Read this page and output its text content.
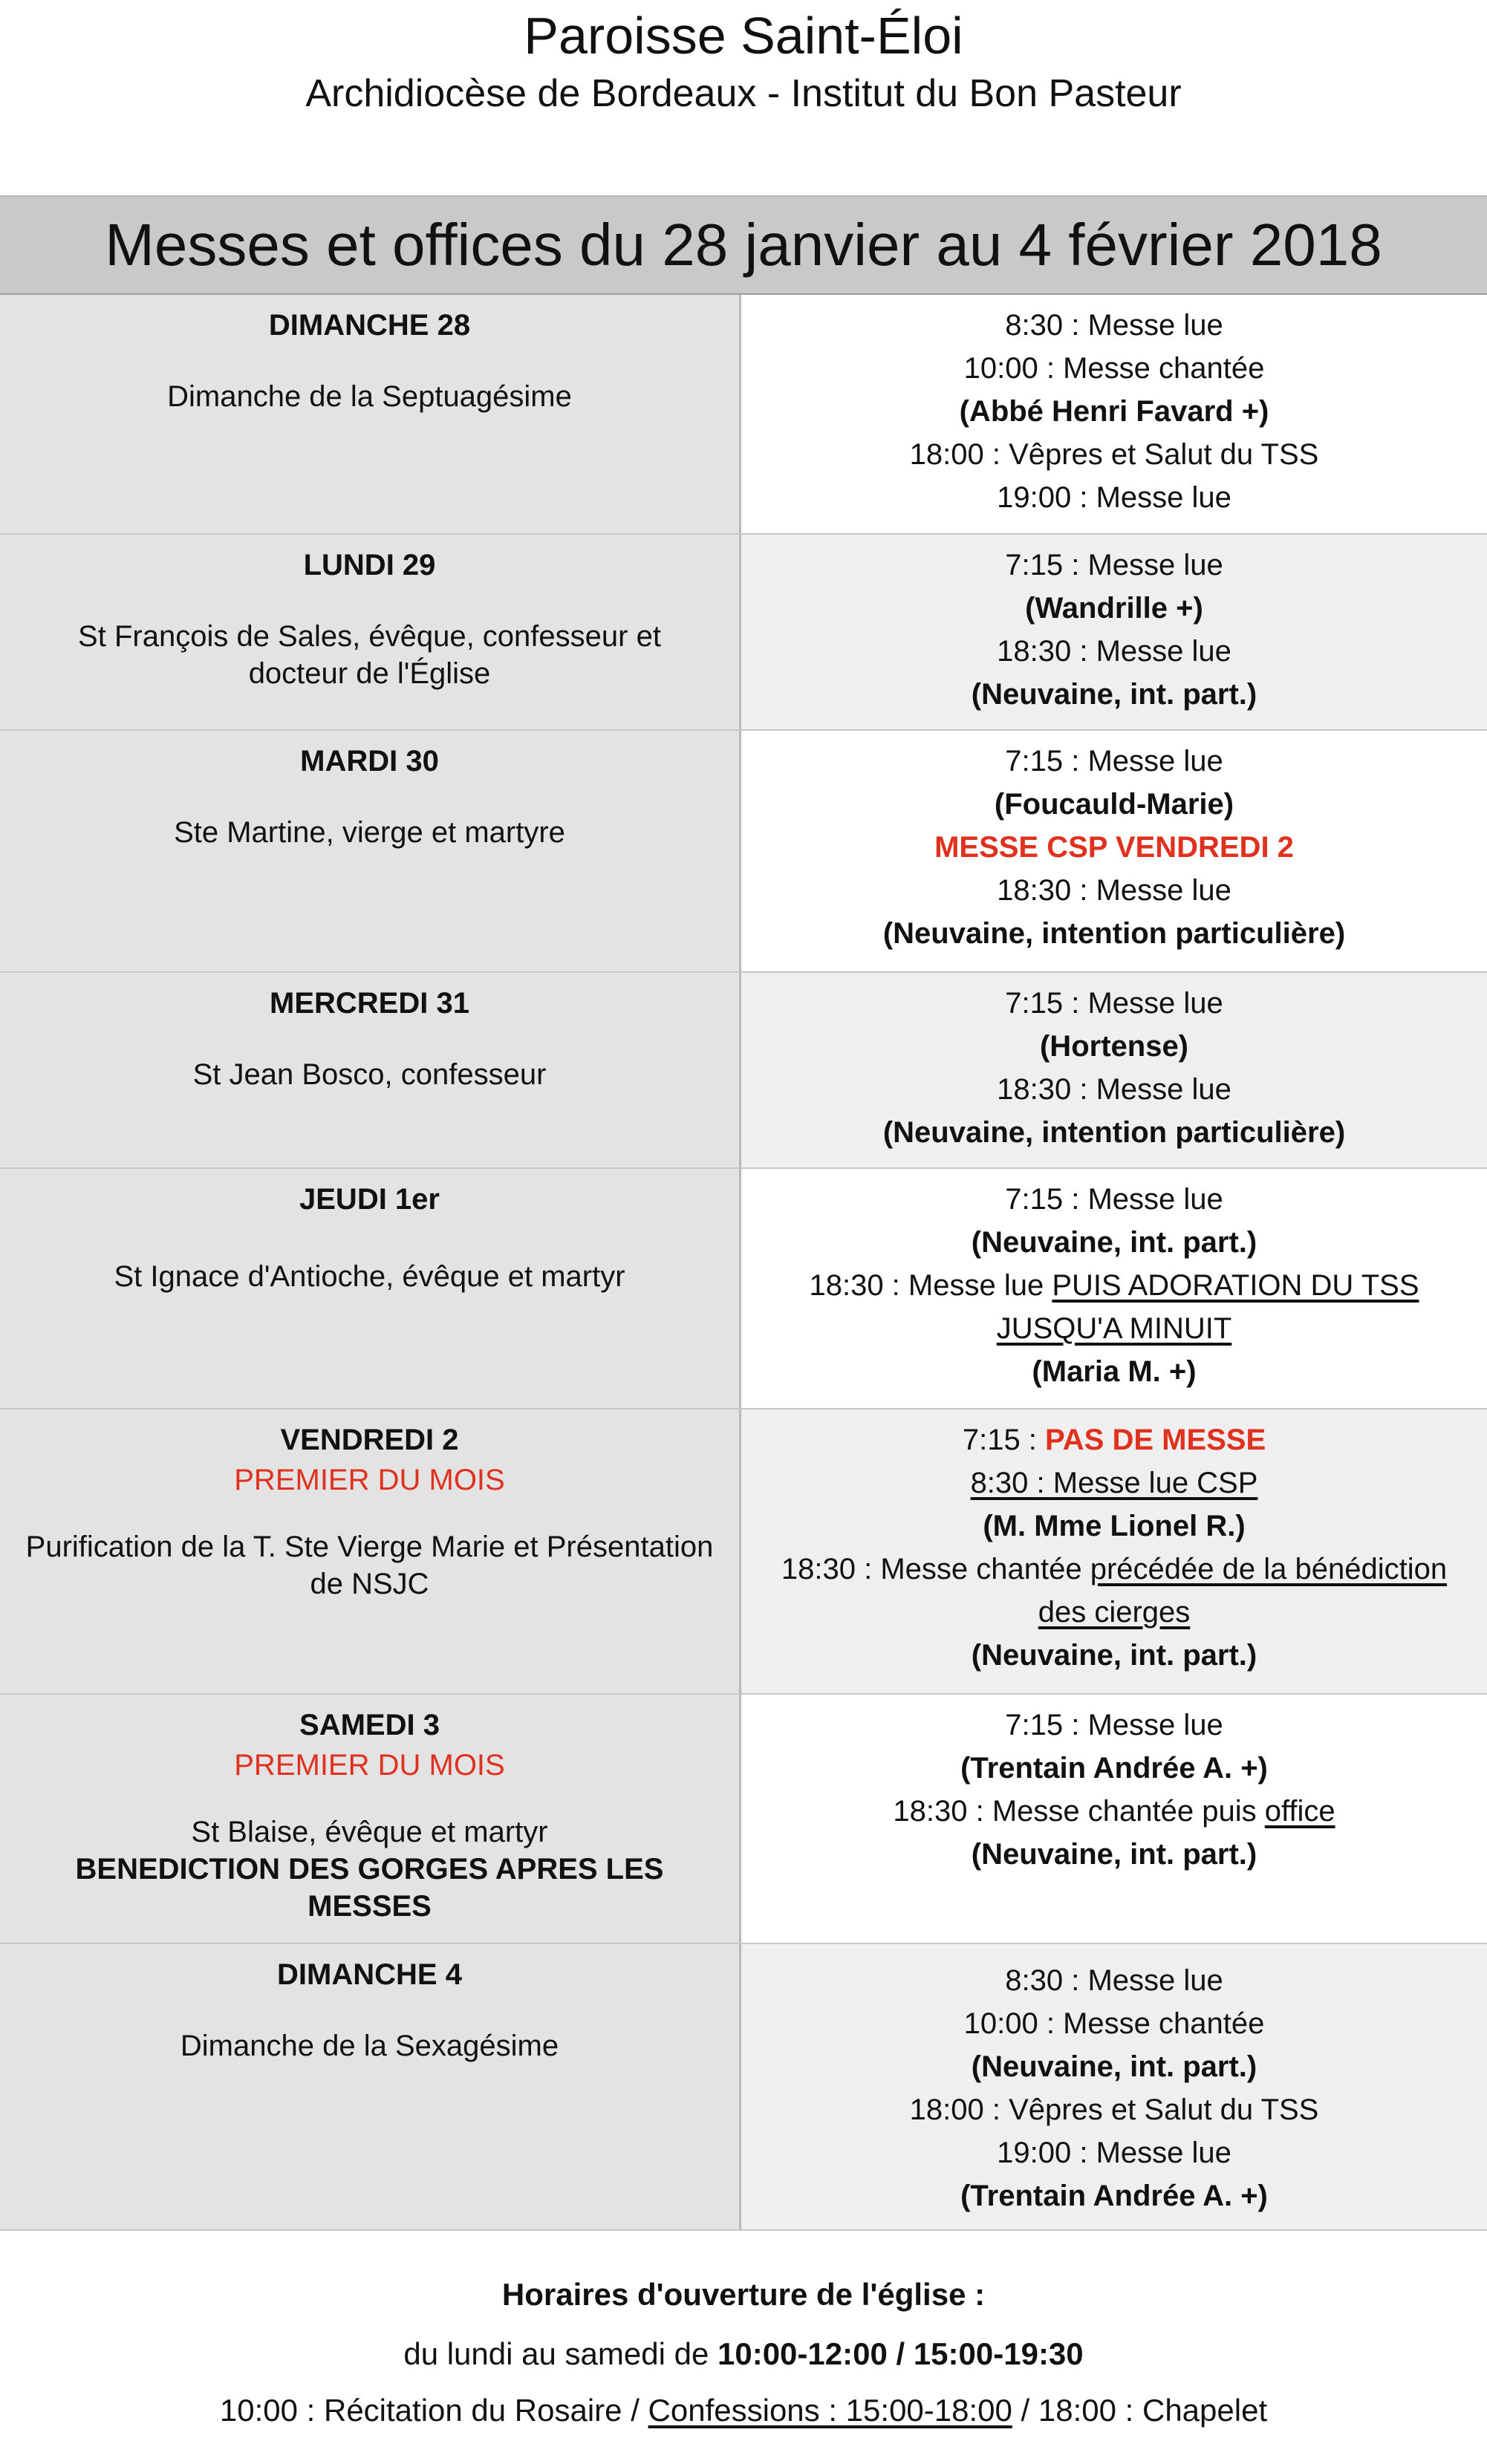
Paroisse Saint-Éloi
Archidiocèse de Bordeaux - Institut du Bon Pasteur
Messes et offices du 28 janvier au 4 février 2018
DIMANCHE 28
Dimanche de la Septuagésime
8:30 : Messe lue
10:00 : Messe chantée
(Abbé Henri Favard +)
18:00 : Vêpres et Salut du TSS
19:00 : Messe lue
LUNDI 29
St François de Sales, évêque, confesseur et docteur de l'Église
7:15 : Messe lue
(Wandrille +)
18:30 : Messe lue
(Neuvaine, int. part.)
MARDI 30
Ste Martine, vierge et martyre
7:15 : Messe lue
(Foucauld-Marie)
MESSE CSP VENDREDI 2
18:30 : Messe lue
(Neuvaine, intention particulière)
MERCREDI 31
St Jean Bosco, confesseur
7:15 : Messe lue
(Hortense)
18:30 : Messe lue
(Neuvaine, intention particulière)
JEUDI 1er
St Ignace d'Antioche, évêque et martyr
7:15 : Messe lue
(Neuvaine, int. part.)
18:30 : Messe lue PUIS ADORATION DU TSS JUSQU'A MINUIT
(Maria M. +)
VENDREDI 2
PREMIER DU MOIS
Purification de la T. Ste Vierge Marie et Présentation de NSJC
7:15 : PAS DE MESSE
8:30 : Messe lue CSP
(M. Mme Lionel R.)
18:30 : Messe chantée précédée de la bénédiction des cierges
(Neuvaine, int. part.)
SAMEDI 3
PREMIER DU MOIS
St Blaise, évêque et martyr
BENEDICTION DES GORGES APRES LES MESSES
7:15 : Messe lue
(Trentain Andrée A. +)
18:30 : Messe chantée puis office
(Neuvaine, int. part.)
DIMANCHE 4
Dimanche de la Sexagésime
8:30 : Messe lue
10:00 : Messe chantée
(Neuvaine, int. part.)
18:00 : Vêpres et Salut du TSS
19:00 : Messe lue
(Trentain Andrée A. +)
Horaires d'ouverture de l'église :
du lundi au samedi de 10:00-12:00 / 15:00-19:30
10:00 : Récitation du Rosaire / Confessions : 15:00-18:00 / 18:00 : Chapelet
